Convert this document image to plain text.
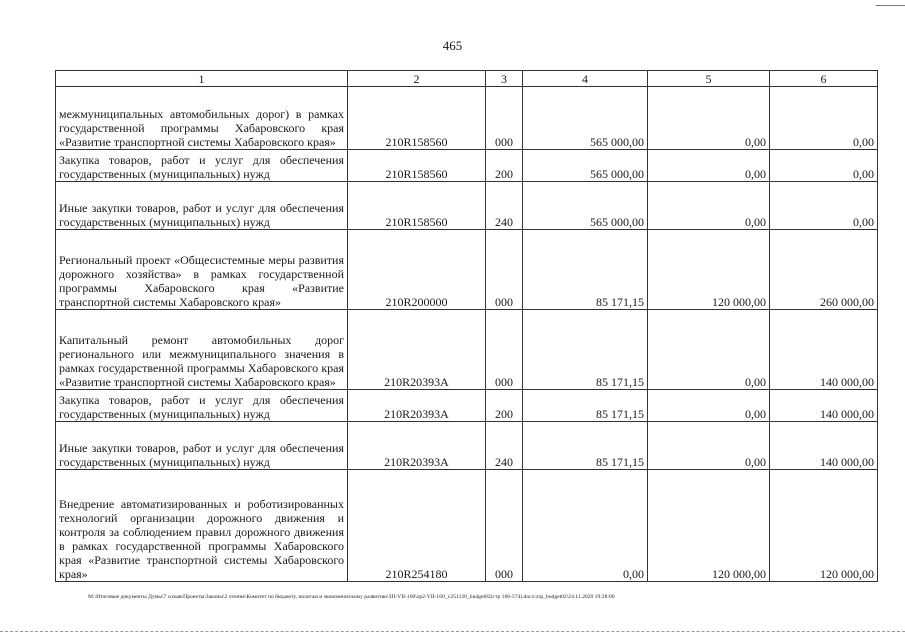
465
1	2	3	4	5	6
межмуниципальных автомобильных дорог) в рамках государственной программы Хабаровского края «Развитие транспортной системы Хабаровского края»	210R158560	000	565 000,00	0,00	0,00
Закупка товаров, работ и услуг для обеспечения государственных (муниципальных) нужд	210R158560	200	565 000,00	0,00	0,00
Иные закупки товаров, работ и услуг для обеспечения государственных (муниципальных) нужд	210R158560	240	565 000,00	0,00	0,00
Региональный проект «Общесистемные меры развития дорожного хозяйства» в рамках государственной программы Хабаровского края «Развитие транспортной системы Хабаровского края»	210R200000	000	85 171,15	120 000,00	260 000,00
Капитальный ремонт автомобильных дорог регионального или межмуниципального значения в рамках государственной программы Хабаровского края «Развитие транспортной системы Хабаровского края»	210R20393A	000	85 171,15	0,00	140 000,00
Закупка товаров, работ и услуг для обеспечения государственных (муниципальных) нужд	210R20393A	200	85 171,15	0,00	140 000,00
Иные закупки товаров, работ и услуг для обеспечения государственных (муниципальных) нужд	210R20393A	240	85 171,15	0,00	140 000,00
Внедрение автоматизированных и роботизированных технологий организации дорожного движения и контроля за соблюдением правил дорожного движения в рамках государственной программы Хабаровского края «Развитие транспортной системы Хабаровского края»	210R254180	000	0,00	120 000,00	120 000,00
M:\Итоговые документы Думы\7 созыв\Проекты\Законы\2 чтение\Комитет по бюджету, налогам и экономическому развитию\ЗП-VII-160\zp2-VII-160_v251120_budget02(стр 166-574).docx\zrp_budget02\24.11.2020 19:28:00
